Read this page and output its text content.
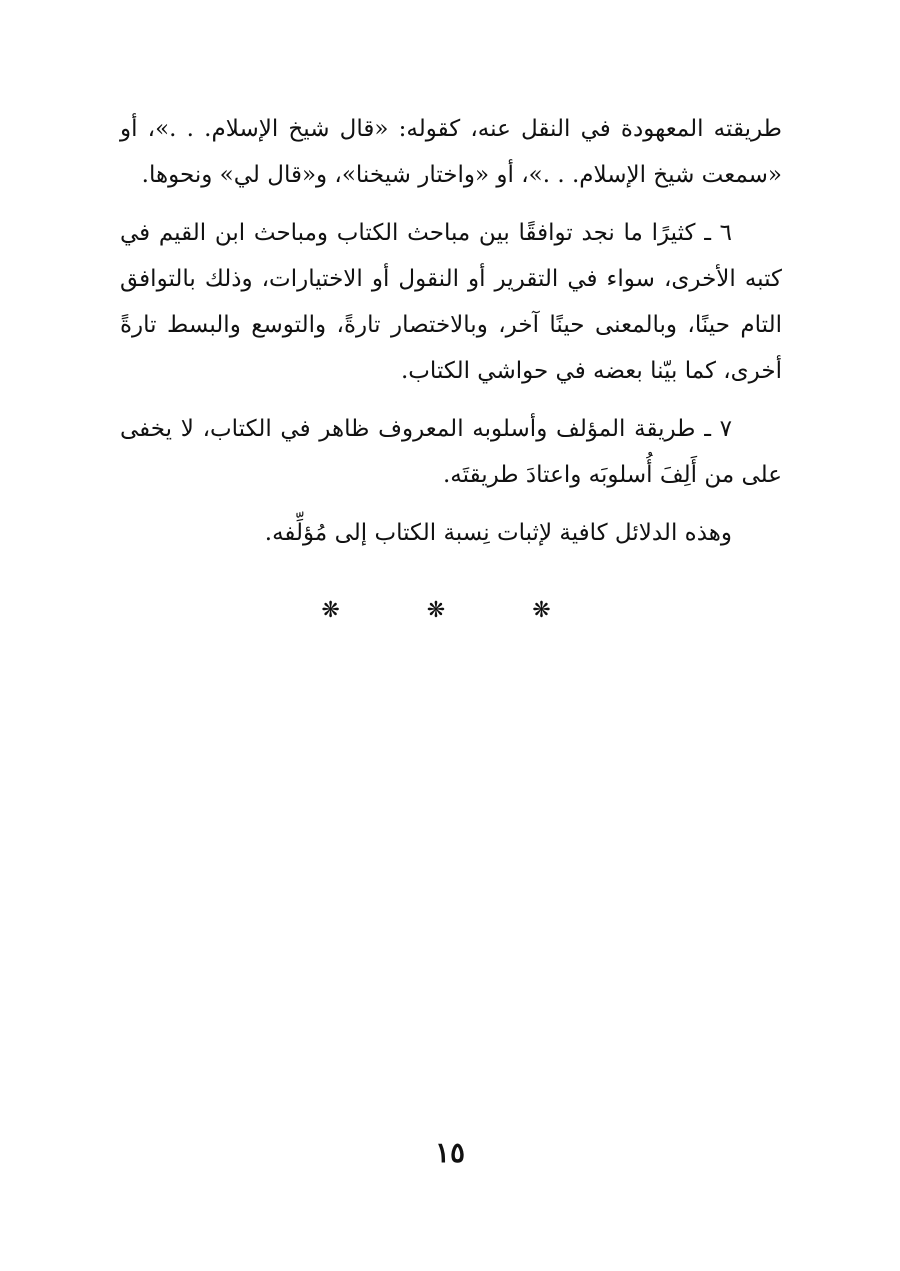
طريقته المعهودة في النقل عنه، كقوله: «قال شيخ الإسلام. . .»، أو «سمعت شيخ الإسلام. . .»، أو «واختار شيخنا»، و«قال لي» ونحوها.

٦ ـ كثيرًا ما نجد توافقًا بين مباحث الكتاب ومباحث ابن القيم في كتبه الأخرى، سواء في التقرير أو النقول أو الاختيارات، وذلك بالتوافق التام حينًا، وبالمعنى حينًا آخر، وبالاختصار تارةً، والتوسع والبسط تارةً أخرى، كما بيّنا بعضه في حواشي الكتاب.

٧ ـ طريقة المؤلف وأسلوبه المعروف ظاهر في الكتاب، لا يخفى على من أَلِفَ أُسلوبَه واعتادَ طريقتَه.

وهذه الدلائل كافية لإثبات نِسبة الكتاب إلى مُؤلِّفه.

❋ ❋ ❋
١٥
